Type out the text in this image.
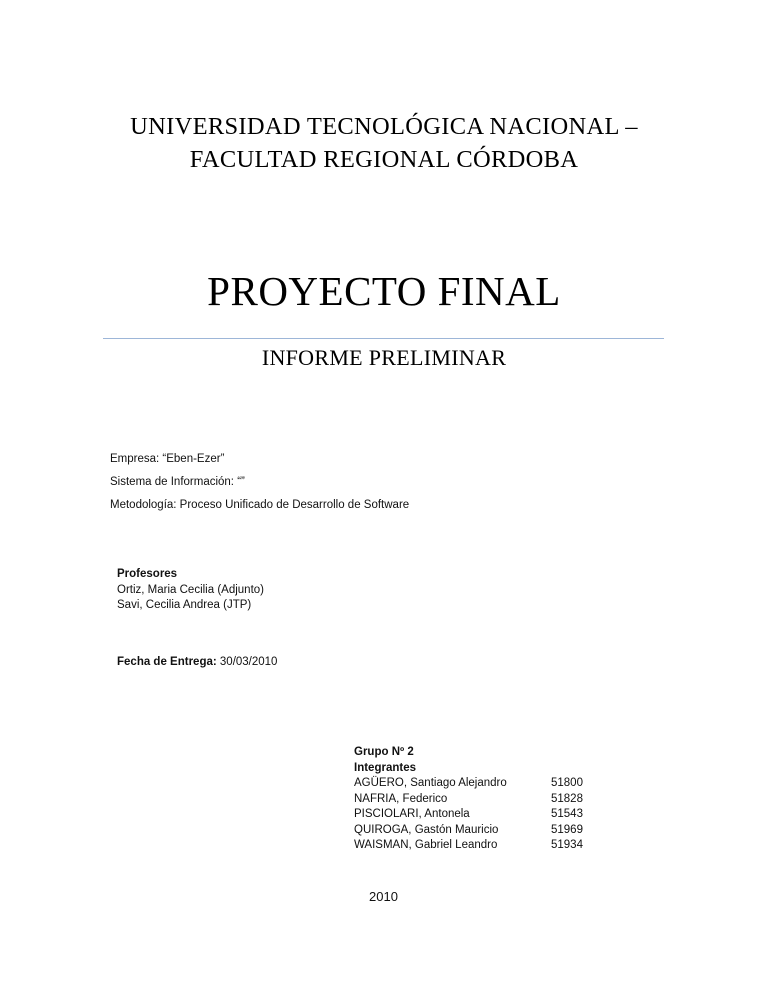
UNIVERSIDAD TECNOLÓGICA NACIONAL –
FACULTAD REGIONAL CÓRDOBA
PROYECTO FINAL
INFORME PRELIMINAR
Empresa: “Eben-Ezer”
Sistema de Información: “”
Metodología: Proceso Unificado de Desarrollo de Software
Profesores
Ortiz, Maria Cecilia (Adjunto)
Savi, Cecilia Andrea (JTP)
Fecha de Entrega: 30/03/2010
Grupo Nº 2
Integrantes
AGÜERO, Santiago Alejandro	51800
NAFRIA, Federico	51828
PISCIOLARI, Antonela	51543
QUIROGA, Gastón Mauricio	51969
WAISMAN, Gabriel Leandro	51934
2010
